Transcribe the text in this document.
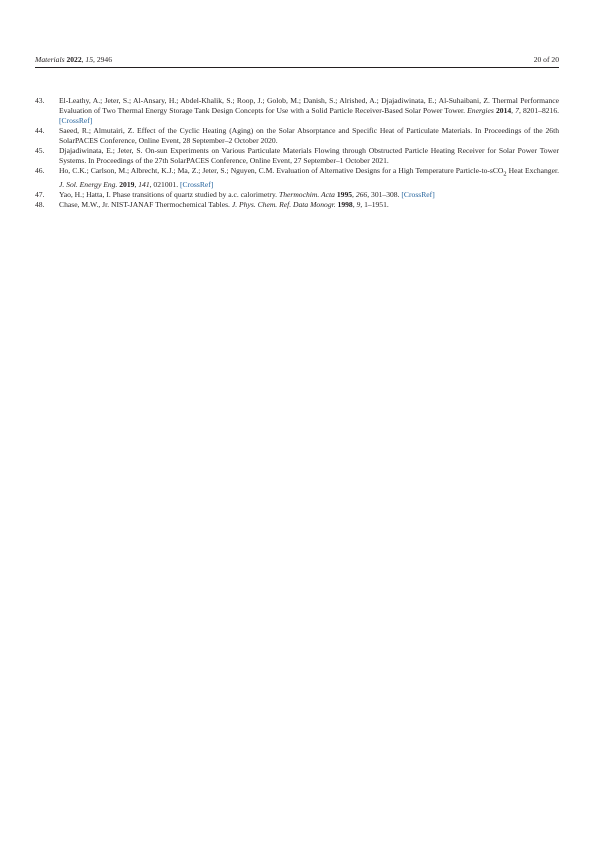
Materials 2022, 15, 2946	20 of 20
43. El-Leathy, A.; Jeter, S.; Al-Ansary, H.; Abdel-Khalik, S.; Roop, J.; Golob, M.; Danish, S.; Alrished, A.; Djajadiwinata, E.; Al-Suhaibani, Z. Thermal Performance Evaluation of Two Thermal Energy Storage Tank Design Concepts for Use with a Solid Particle Receiver-Based Solar Power Tower. Energies 2014, 7, 8201–8216. [CrossRef]
44. Saeed, R.; Almutairi, Z. Effect of the Cyclic Heating (Aging) on the Solar Absorptance and Specific Heat of Particulate Materials. In Proceedings of the 26th SolarPACES Conference, Online Event, 28 September–2 October 2020.
45. Djajadiwinata, E.; Jeter, S. On-sun Experiments on Various Particulate Materials Flowing through Obstructed Particle Heating Receiver for Solar Power Tower Systems. In Proceedings of the 27th SolarPACES Conference, Online Event, 27 September–1 October 2021.
46. Ho, C.K.; Carlson, M.; Albrecht, K.J.; Ma, Z.; Jeter, S.; Nguyen, C.M. Evaluation of Alternative Designs for a High Temperature Particle-to-sCO$_2$ Heat Exchanger. J. Sol. Energy Eng. 2019, 141, 021001. [CrossRef]
47. Yao, H.; Hatta, I. Phase transitions of quartz studied by a.c. calorimetry. Thermochim. Acta 1995, 266, 301–308. [CrossRef]
48. Chase, M.W., Jr. NIST-JANAF Thermochemical Tables. J. Phys. Chem. Ref. Data Monogr. 1998, 9, 1–1951.
